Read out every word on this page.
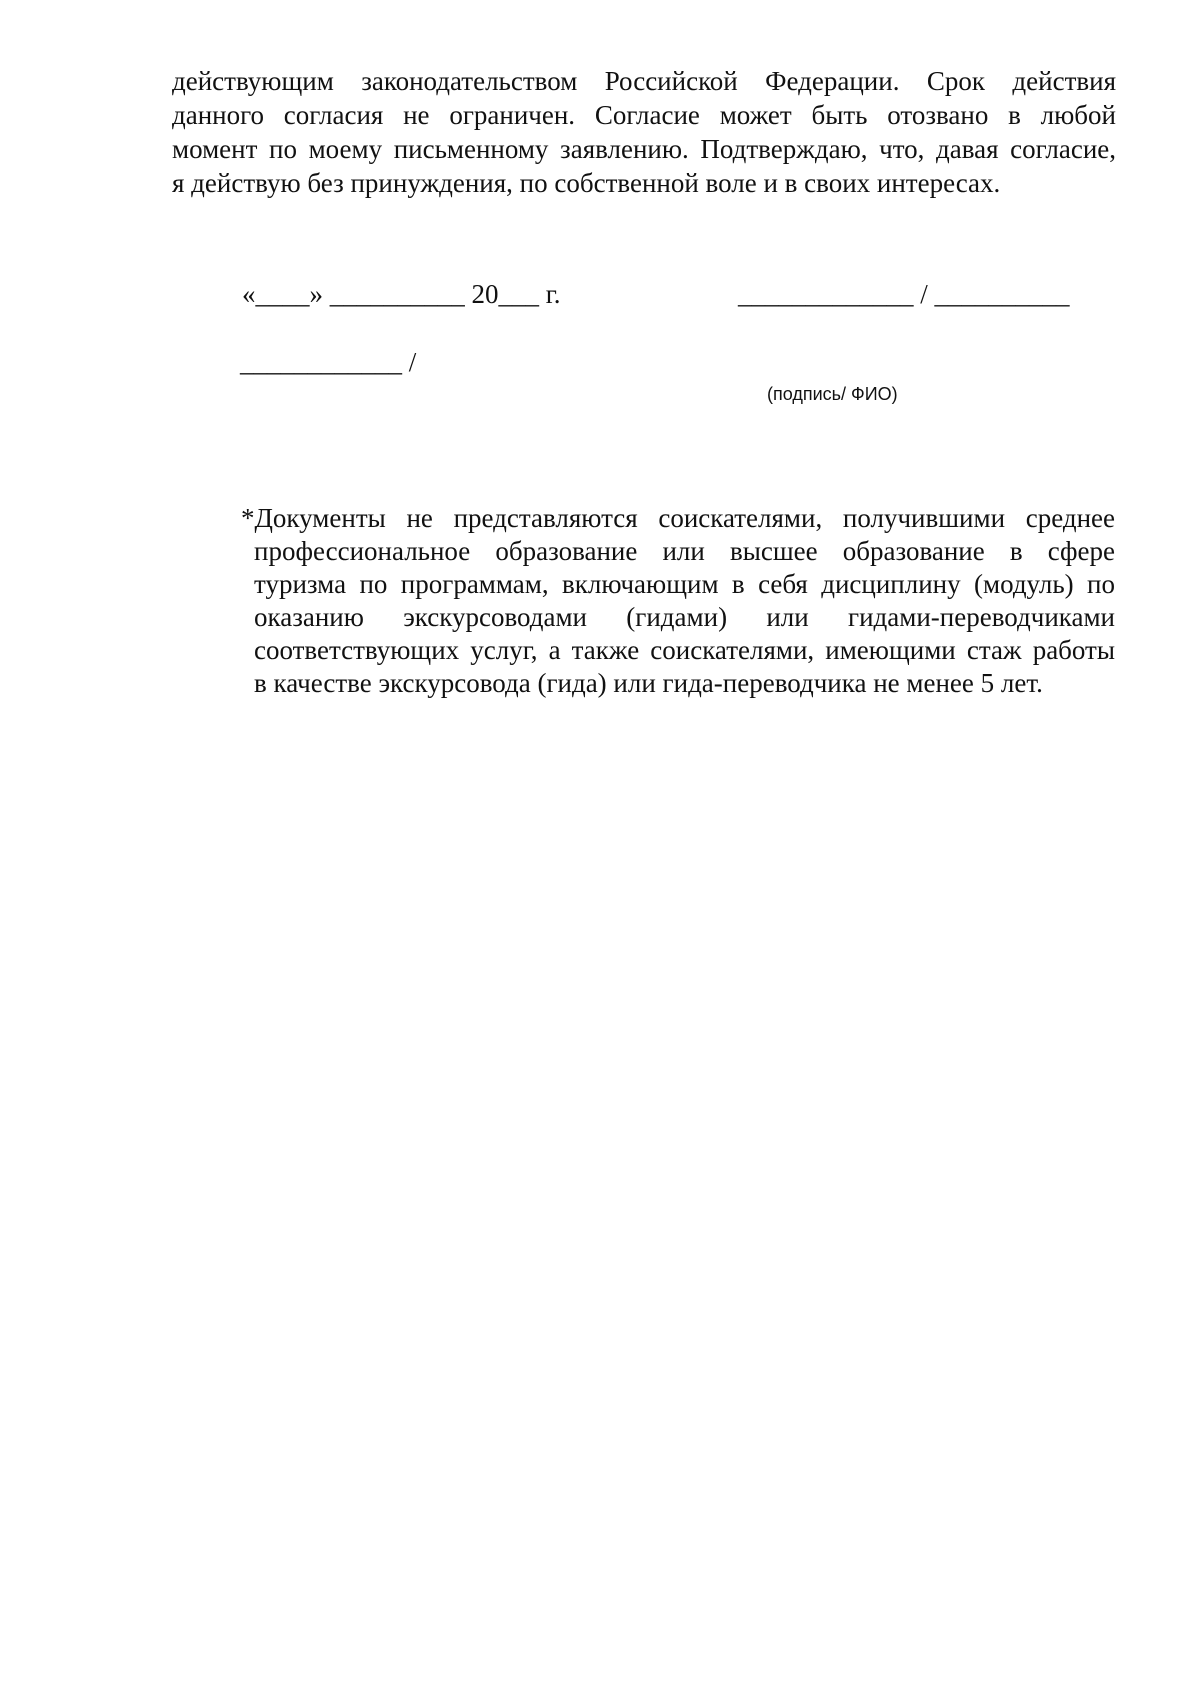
действующим законодательством Российской Федерации. Срок действия
данного согласия не ограничен. Согласие может быть отозвано в любой
момент по моему письменному заявлению. Подтверждаю, что, давая согласие,
я действую без принуждения, по собственной воле и в своих интересах.
«____» __________ 20___ г.	_____________ / __________
____________ /
(подпись/ ФИО)
*Документы не представляются соискателями, получившими среднее
профессиональное образование или высшее образование в сфере
туризма по программам, включающим в себя дисциплину (модуль) по
оказанию экскурсоводами (гидами) или гидами-переводчиками
соответствующих услуг, а также соискателями, имеющими стаж работы
в качестве экскурсовода (гида) или гида-переводчика не менее 5 лет.
